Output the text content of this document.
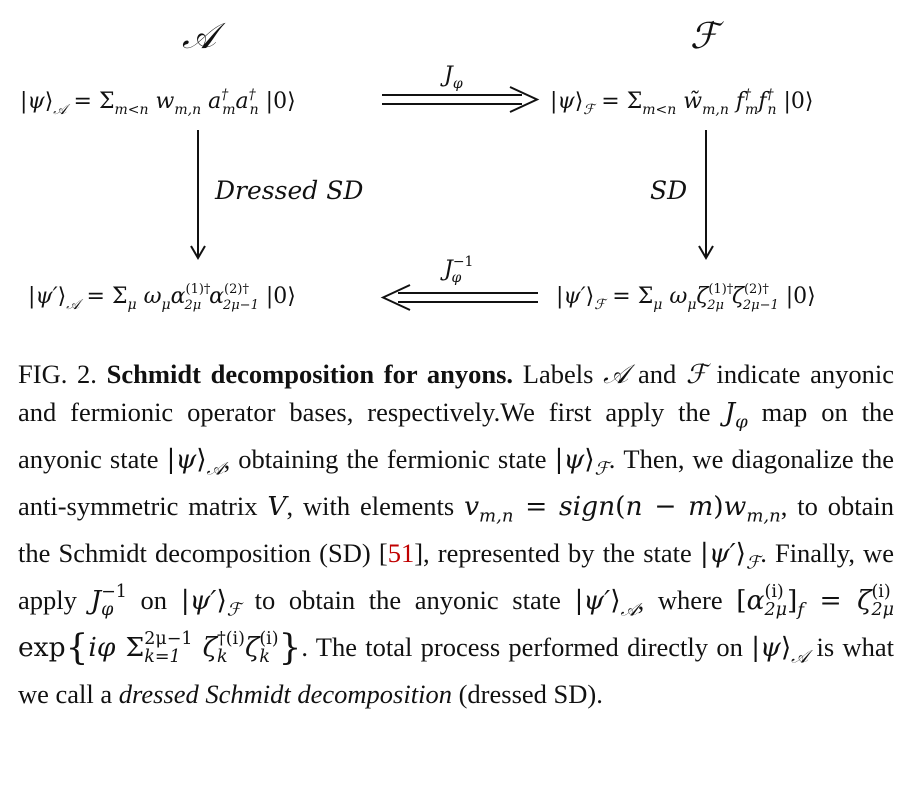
𝒜	ℱ
$|\psi⟩_𝒜 = \Sigma_{m<n}$ $w_{m,n}$ a† ma† n |0⟩	$|\psi⟩_ℱ = \Sigma_{m<n}$ $w̃_{m,n}$ f† mf† n |0⟩
$J_\varphi$
Dressed SD	SD
$|\psi'⟩_𝒜 = \Sigma_\mu$ $\omega_\mu\alpha^{(1)\dagger}$ 2μ $\alpha^{(2)\dagger}$ 2μ−1 |0⟩
$J^{-1}$ φ
$|\psi'⟩_ℱ = \Sigma_\mu$ $\omega_\mu\zeta^{(1)\dagger}$ 2μ $\zeta^{(2)\dagger}$ 2μ−1 |0⟩

FIG. 2. Schmidt decomposition for anyons. Labels 𝒜 and ℱ indicate anyonic and fermionic operator bases, respectively.We first apply the $J_\varphi$ map on the anyonic state $|\psi⟩_𝒜$, obtaining the fermionic state $|\psi⟩_ℱ$. Then, we diagonalize the anti-symmetric matrix V, with elements $v_{m,n}$ = sign(n − $m)w_{m,n}$, to obtain the Schmidt decomposition (SD) [51], represented by the state $|\psi'⟩_ℱ$. Finally, we apply J −1
φ on $|\psi'⟩_ℱ$ to obtain the anyonic state $|\psi'⟩_𝒜$, where [α (i)
2μ ]$_f = \zeta$ (i)
2μ
exp{iφ Σ 2μ−1
k=1 ζ †(i)
k ζ (i)
k }. The total process performed directly on $|\psi⟩_𝒜$ is what we call a dressed Schmidt decomposition (dressed SD).
